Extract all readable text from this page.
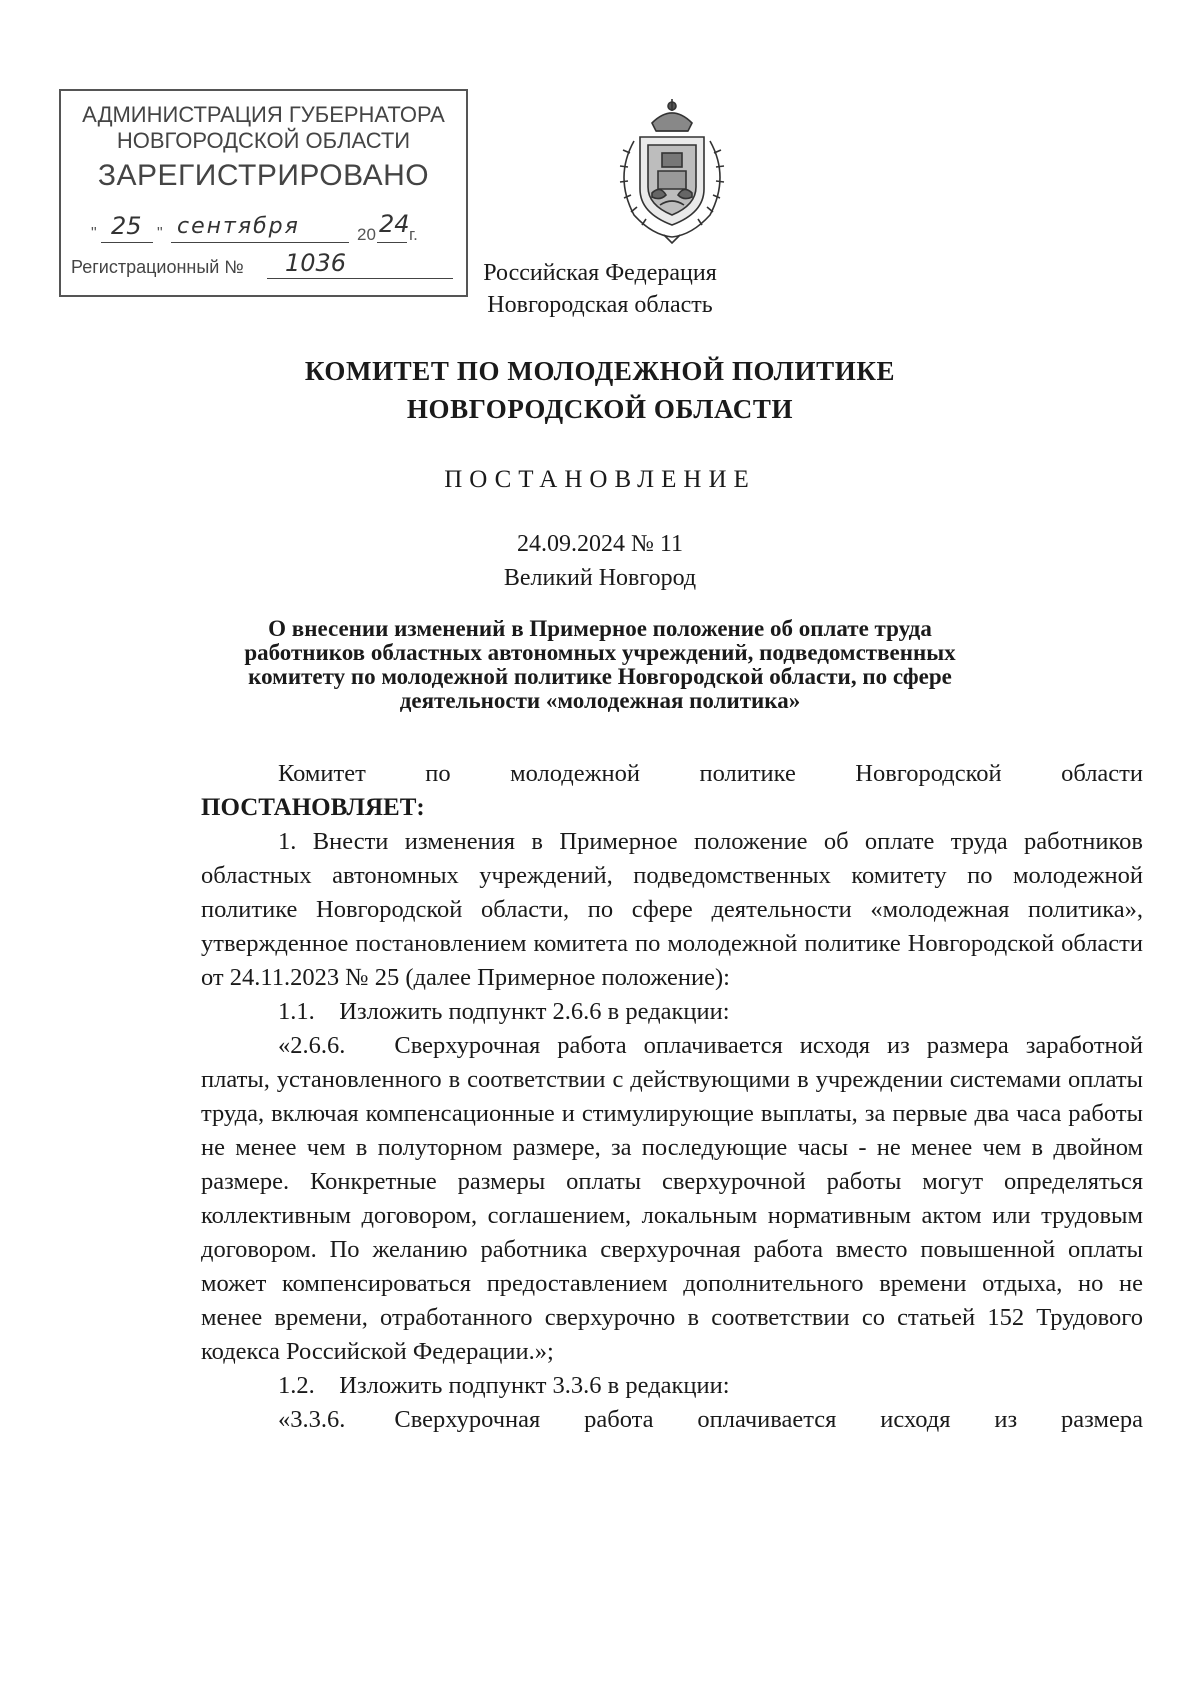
АДМИНИСТРАЦИЯ ГУБЕРНАТОРА
НОВГОРОДСКОЙ ОБЛАСТИ
ЗАРЕГИСТРИРОВАНО
" 25 " сентября	20 24 г.
Регистрационный № 1036	Российская Федерация
Новгородская область
КОМИТЕТ ПО МОЛОДЕЖНОЙ ПОЛИТИКЕ
НОВГОРОДСКОЙ ОБЛАСТИ
ПОСТАНОВЛЕНИЕ
24.09.2024 № 11
Великий Новгород
О внесении изменений в Примерное положение об оплате труда
работников областных автономных учреждений, подведомственных
комитету по молодежной политике Новгородской области, по сфере
деятельности «молодежная политика»

Комитет по молодежной политике Новгородской области

ПОСТАНОВЛЯЕТ:

1. Внести изменения в Примерное положение об оплате труда работников областных автономных учреждений, подведомственных комитету по молодежной политике Новгородской области, по сфере деятельности «молодежная политика», утвержденное постановлением комитета по молодежной политике Новгородской области от 24.11.2023 № 25 (далее Примерное положение):

1.1. Изложить подпункт 2.6.6 в редакции:

«2.6.6.  Сверхурочная работа оплачивается исходя из размера заработной платы, установленного в соответствии с действующими в учреждении системами оплаты труда, включая компенсационные и стимулирующие выплаты, за первые два часа работы не менее чем в полуторном размере, за последующие часы - не менее чем в двойном размере. Конкретные размеры оплаты сверхурочной работы могут определяться коллективным договором, соглашением, локальным нормативным актом или трудовым договором. По желанию работника сверхурочная работа вместо повышенной оплаты может компенсироваться предоставлением дополнительного времени отдыха, но не менее времени, отработанного сверхурочно в соответствии со статьей 152 Трудового кодекса Российской Федерации.»;

1.2. Изложить подпункт 3.3.6 в редакции:

«3.3.6.  Сверхурочная работа оплачивается исходя из размера
